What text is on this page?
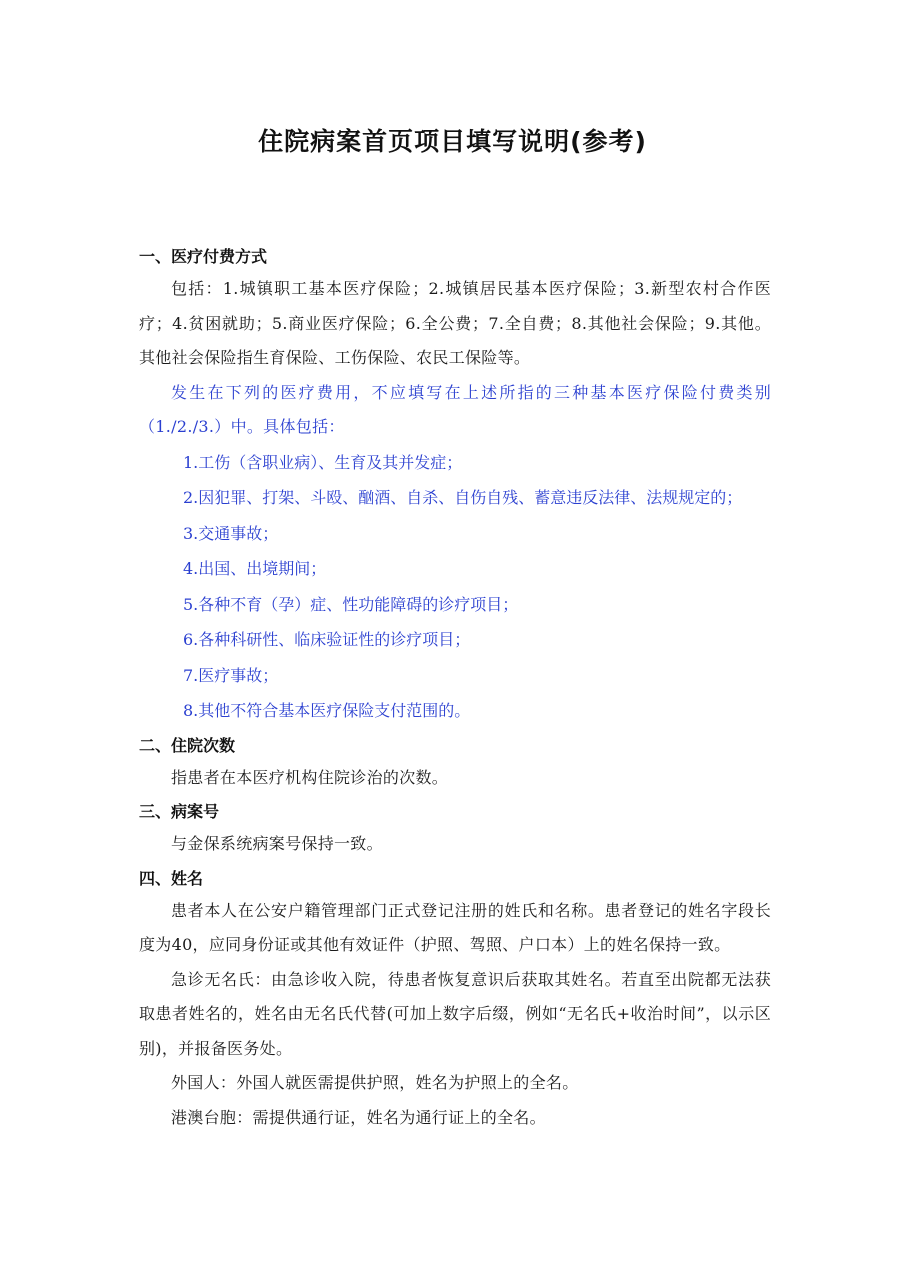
住院病案首页项目填写说明(参考)
一、医疗付费方式
包括：1.城镇职工基本医疗保险；2.城镇居民基本医疗保险；3.新型农村合作医疗；4.贫困就助；5.商业医疗保险；6.全公费；7.全自费；8.其他社会保险；9.其他。其他社会保险指生育保险、工伤保险、农民工保险等。
发生在下列的医疗费用，不应填写在上述所指的三种基本医疗保险付费类别（1./2./3.）中。具体包括：
1.工伤（含职业病）、生育及其并发症；
2.因犯罪、打架、斗殴、酗酒、自杀、自伤自残、蓄意违反法律、法规规定的；
3.交通事故；
4.出国、出境期间；
5.各种不育（孕）症、性功能障碍的诊疗项目；
6.各种科研性、临床验证性的诊疗项目；
7.医疗事故；
8.其他不符合基本医疗保险支付范围的。
二、住院次数
指患者在本医疗机构住院诊治的次数。
三、病案号
与金保系统病案号保持一致。
四、姓名
患者本人在公安户籍管理部门正式登记注册的姓氏和名称。患者登记的姓名字段长度为40，应同身份证或其他有效证件（护照、驾照、户口本）上的姓名保持一致。
急诊无名氏：由急诊收入院，待患者恢复意识后获取其姓名。若直至出院都无法获取患者姓名的，姓名由无名氏代替(可加上数字后缀，例如“无名氏+收治时间”，以示区别)，并报备医务处。
外国人：外国人就医需提供护照，姓名为护照上的全名。
港澳台胞：需提供通行证，姓名为通行证上的全名。
